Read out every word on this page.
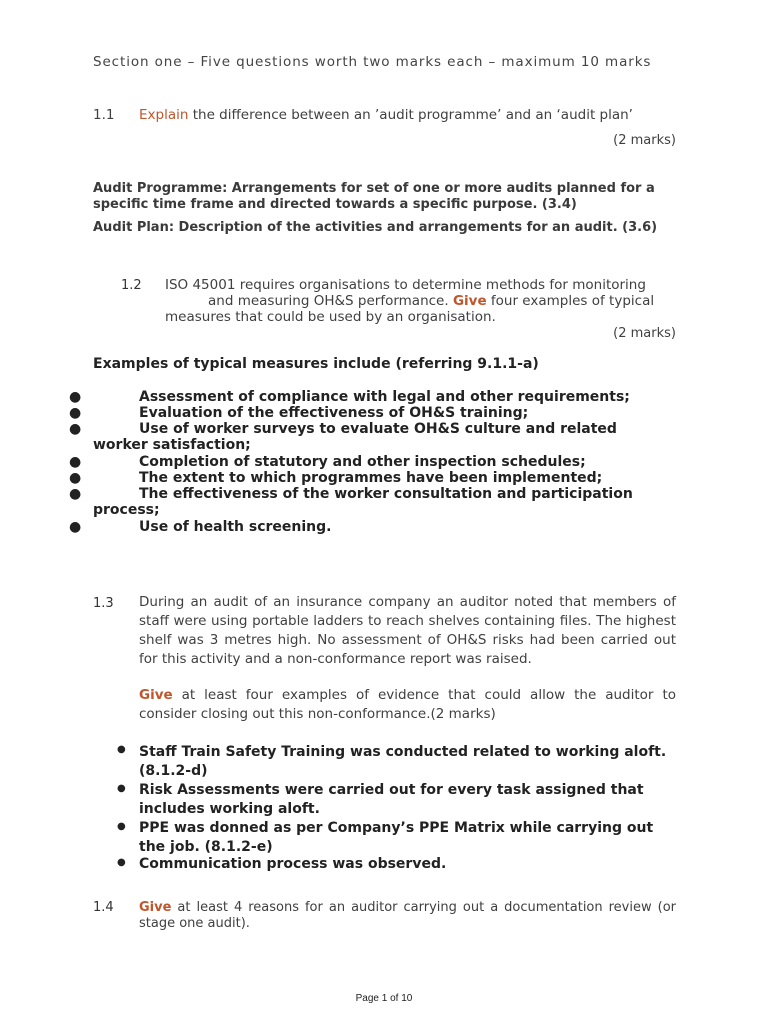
Section one – Five questions worth two marks each – maximum 10 marks
1.1 Explain the difference between an ’audit programme’ and an ‘audit plan’
(2 marks)
Audit Programme: Arrangements for set of one or more audits planned for a specific time frame and directed towards a specific purpose. (3.4)
Audit Plan: Description of the activities and arrangements for an audit. (3.6)
1.2 ISO 45001 requires organisations to determine methods for monitoring
and measuring OH&S performance. Give four examples of typical
measures that could be used by an organisation.
(2 marks)
Examples of typical measures include (referring 9.1.1-a)
●	Assessment of compliance with legal and other requirements;
●	Evaluation of the effectiveness of OH&S training;
●	Use of worker surveys to evaluate OH&S culture and related
worker satisfaction;
●	Completion of statutory and other inspection schedules;
●	The extent to which programmes have been implemented;
●	The effectiveness of the worker consultation and participation
process;
●	Use of health screening.
1.3 During an audit of an insurance company an auditor noted that members of staff were using portable ladders to reach shelves containing files. The highest shelf was 3 metres high. No assessment of OH&S risks had been carried out for this activity and a non-conformance report was raised.
Give at least four examples of evidence that could allow the auditor to consider closing out this non-conformance.(2 marks)
● Staff Train Safety Training was conducted related to working aloft. (8.1.2-d)
● Risk Assessments were carried out for every task assigned that includes working aloft.
● PPE was donned as per Company’s PPE Matrix while carrying out the job. (8.1.2-e)
● Communication process was observed.
1.4 Give at least 4 reasons for an auditor carrying out a documentation review (or stage one audit).
Page 1 of 10
